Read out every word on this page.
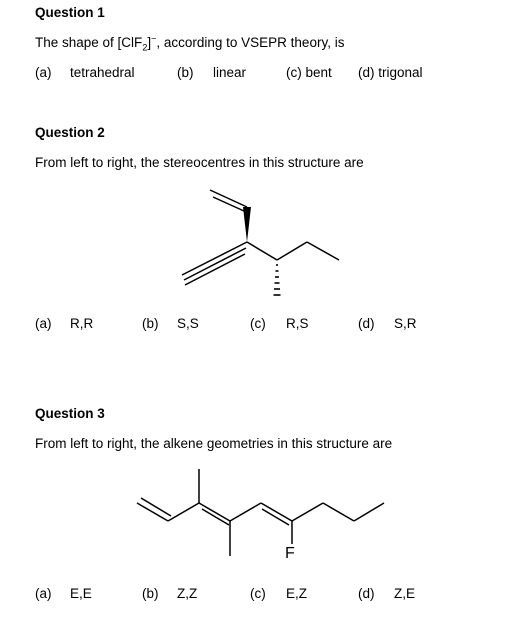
Question 1
The shape of [ClF$_2$]−, according to VSEPR theory, is
(a) tetrahedral	(b) linear	(c) bent (d) trigonal
Question 2
From left to right, the stereocentres in this structure are
(a) R,R	(b) S,S	(c) R,S	(d) S,R
Question 3
From left to right, the alkene geometries in this structure are
F
(a) E,E	(b) Z,Z	(c) E,Z	(d) Z,E
